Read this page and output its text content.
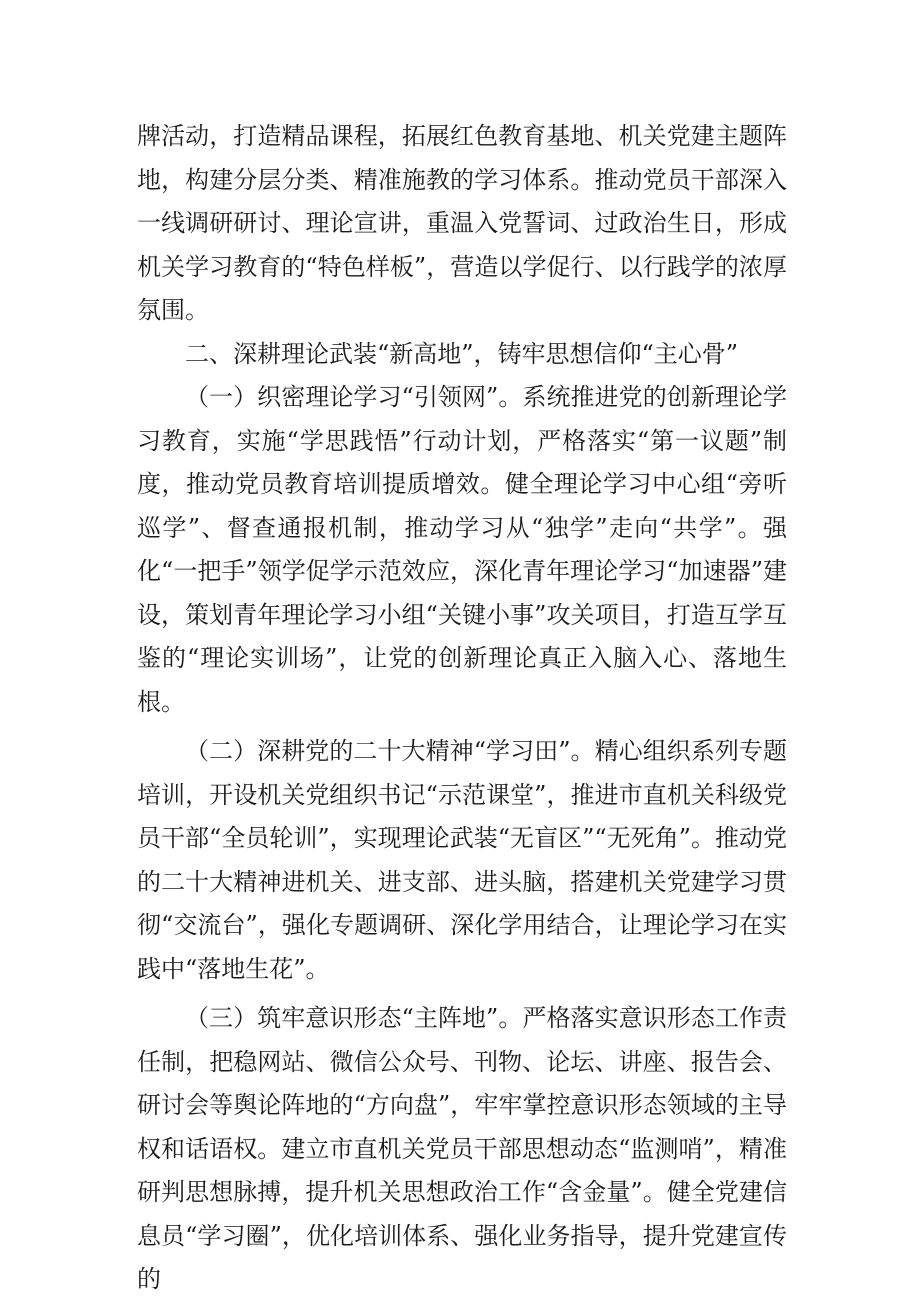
牌活动，打造精品课程，拓展红色教育基地、机关党建主题阵地，构建分层分类、精准施教的学习体系。推动党员干部深入一线调研研讨、理论宣讲，重温入党誓词、过政治生日，形成机关学习教育的“特色样板”，营造以学促行、以行践学的浓厚氛围。

二、深耕理论武装“新高地”，铸牢思想信仰“主心骨”

（一）织密理论学习“引领网”。系统推进党的创新理论学习教育，实施“学思践悟”行动计划，严格落实“第一议题”制度，推动党员教育培训提质增效。健全理论学习中心组“旁听巡学”、督查通报机制，推动学习从“独学”走向“共学”。强化“一把手”领学促学示范效应，深化青年理论学习“加速器”建设，策划青年理论学习小组“关键小事”攻关项目，打造互学互鉴的“理论实训场”，让党的创新理论真正入脑入心、落地生根。

（二）深耕党的二十大精神“学习田”。精心组织系列专题培训，开设机关党组织书记“示范课堂”，推进市直机关科级党员干部“全员轮训”，实现理论武装“无盲区”“无死角”。推动党的二十大精神进机关、进支部、进头脑，搭建机关党建学习贯彻“交流台”，强化专题调研、深化学用结合，让理论学习在实践中“落地生花”。

（三）筑牢意识形态“主阵地”。严格落实意识形态工作责任制，把稳网站、微信公众号、刊物、论坛、讲座、报告会、研讨会等舆论阵地的“方向盘”，牢牢掌控意识形态领域的主导权和话语权。建立市直机关党员干部思想动态“监测哨”，精准研判思想脉搏，提升机关思想政治工作“含金量”。健全党建信息员“学习圈”，优化培训体系、强化业务指导，提升党建宣传的
